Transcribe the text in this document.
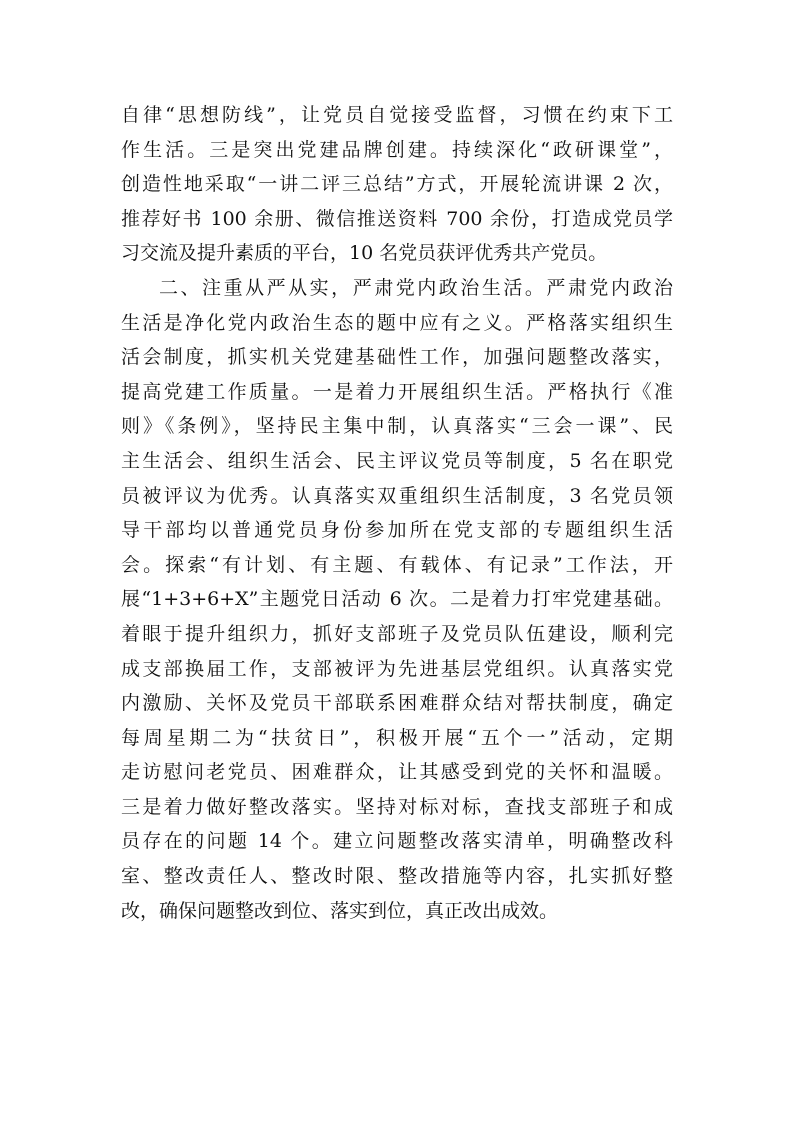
自律“思想防线”，让党员自觉接受监督，习惯在约束下工
作生活。三是突出党建品牌创建。持续深化“政研课堂”，
创造性地采取“一讲二评三总结”方式，开展轮流讲课 2 次，
推荐好书 100 余册、微信推送资料 700 余份，打造成党员学
习交流及提升素质的平台，10 名党员获评优秀共产党员。
二、注重从严从实，严肃党内政治生活。严肃党内政治
生活是净化党内政治生态的题中应有之义。严格落实组织生
活会制度，抓实机关党建基础性工作，加强问题整改落实，
提高党建工作质量。一是着力开展组织生活。严格执行《准
则》《条例》，坚持民主集中制，认真落实“三会一课”、民
主生活会、组织生活会、民主评议党员等制度，5 名在职党
员被评议为优秀。认真落实双重组织生活制度，3 名党员领
导干部均以普通党员身份参加所在党支部的专题组织生活
会。探索“有计划、有主题、有载体、有记录”工作法，开
展“1+3+6+X”主题党日活动 6 次。二是着力打牢党建基础。
着眼于提升组织力，抓好支部班子及党员队伍建设，顺利完
成支部换届工作，支部被评为先进基层党组织。认真落实党
内激励、关怀及党员干部联系困难群众结对帮扶制度，确定
每周星期二为“扶贫日”，积极开展“五个一”活动，定期
走访慰问老党员、困难群众，让其感受到党的关怀和温暖。
三是着力做好整改落实。坚持对标对标，查找支部班子和成
员存在的问题 14 个。建立问题整改落实清单，明确整改科
室、整改责任人、整改时限、整改措施等内容，扎实抓好整
改，确保问题整改到位、落实到位，真正改出成效。
